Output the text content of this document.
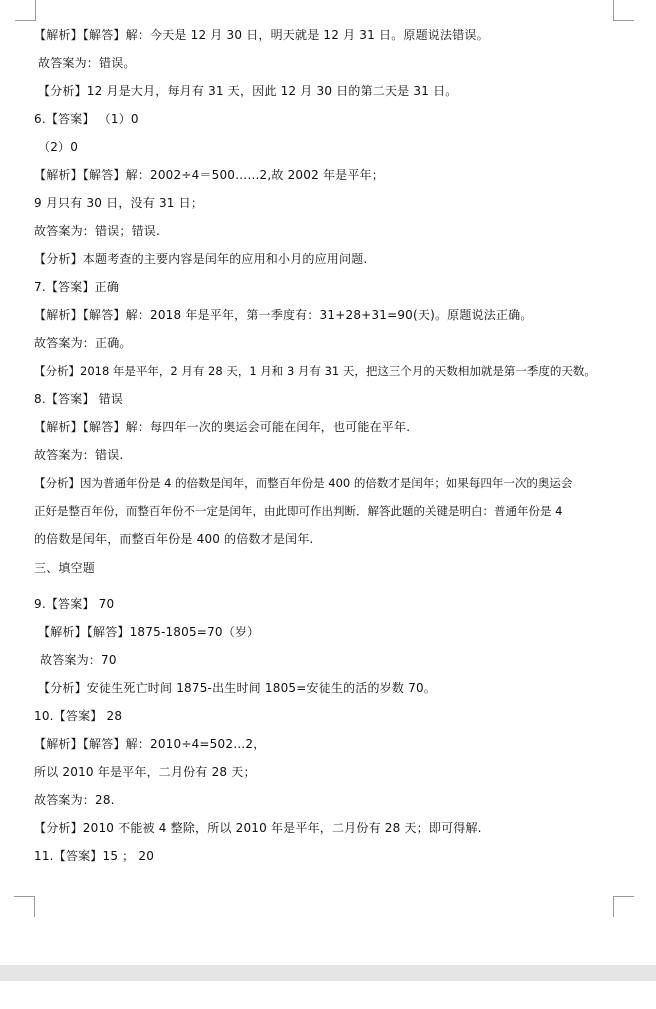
【解析】【解答】解：今天是 12 月 30 日，明天就是 12 月 31 日。原题说法错误。
故答案为：错误。
【分析】12 月是大月，每月有 31 天，因此 12 月 30 日的第二天是 31 日。
6.【答案】 （1）0
（2）0
【解析】【解答】解：2002÷4＝500……2,故 2002 年是平年；
9 月只有 30 日，没有 31 日；
故答案为：错误；错误.
【分析】本题考查的主要内容是闰年的应用和小月的应用问题.
7.【答案】正确
【解析】【解答】解：2018 年是平年，第一季度有：31+28+31=90(天)。原题说法正确。
故答案为：正确。
【分析】2018 年是平年，2 月有 28 天，1 月和 3 月有 31 天，把这三个月的天数相加就是第一季度的天数。
8.【答案】 错误
【解析】【解答】解：每四年一次的奥运会可能在闰年，也可能在平年.
故答案为：错误.
【分析】因为普通年份是 4 的倍数是闰年，而整百年份是 400 的倍数才是闰年；如果每四年一次的奥运会
正好是整百年份，而整百年份不一定是闰年，由此即可作出判断．解答此题的关键是明白：普通年份是 4
的倍数是闰年，而整百年份是 400 的倍数才是闰年.
三、填空题
9.【答案】 70
【解析】【解答】1875-1805=70（岁）
故答案为：70
【分析】安徒生死亡时间 1875-出生时间 1805=安徒生的活的岁数 70。
10.【答案】 28
【解析】【解答】解：2010÷4=502…2，
所以 2010 年是平年，二月份有 28 天；
故答案为：28.
【分析】2010 不能被 4 整除，所以 2010 年是平年，二月份有 28 天；即可得解.
11.【答案】15 ； 20
